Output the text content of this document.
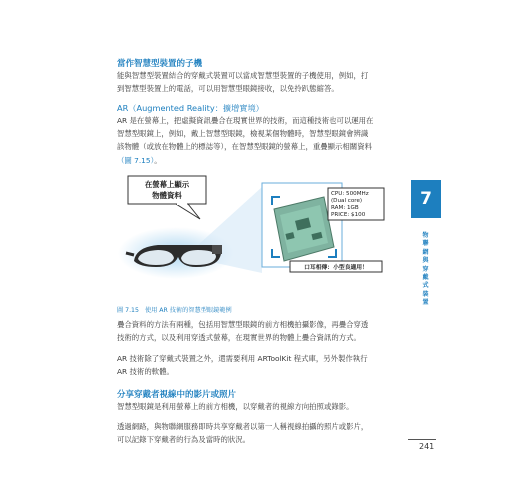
當作智慧型裝置的子機
能與智慧型裝置結合的穿戴式裝置可以當成智慧型裝置的子機使用，例如，打
到智慧型裝置上的電話，可以用智慧型眼鏡接收，以免拎趴態縮答。
AR（Augmented Reality：擴增實境）
AR 是在螢幕上，把虛擬資訊疊合在現實世界的技術，而這種技術也可以運用在
智慧型眼鏡上，例如，戴上智慧型眼鏡，檢視某個物體時，智慧型眼鏡會辨識
該物體（或放在物體上的標誌等），在智慧型眼鏡的螢幕上，重疊顯示相關資料
（圖 7.15）。
在螢幕上顯示
物體資料	CPU: 500MHz
(Dual core)
RAM: 1GB
PRICE: $100
口耳相傳：小型良適用！
圖 7.15 使用 AR 技術的智慧型眼鏡範例
疊合資料的方法有兩種，包括用智慧型眼鏡的前方相機拍攝影像，再疊合穿透
技術的方式，以及利用穿透式螢幕，在現實世界的物體上疊合資訊的方式。
AR 技術除了穿戴式裝置之外，還需要利用 ARToolKit 程式庫，另外製作執行
AR 技術的軟體。
分享穿戴者視線中的影片或照片
智慧型眼鏡是利用螢幕上的前方相機，以穿戴者的視線方向拍照或錄影。
透過網路，與物聯網服務即時共享穿戴者以第一人稱視線拍攝的照片或影片，
可以記錄下穿戴者的行為及當時的狀況。
7
物聯網與穿戴式裝置
241
